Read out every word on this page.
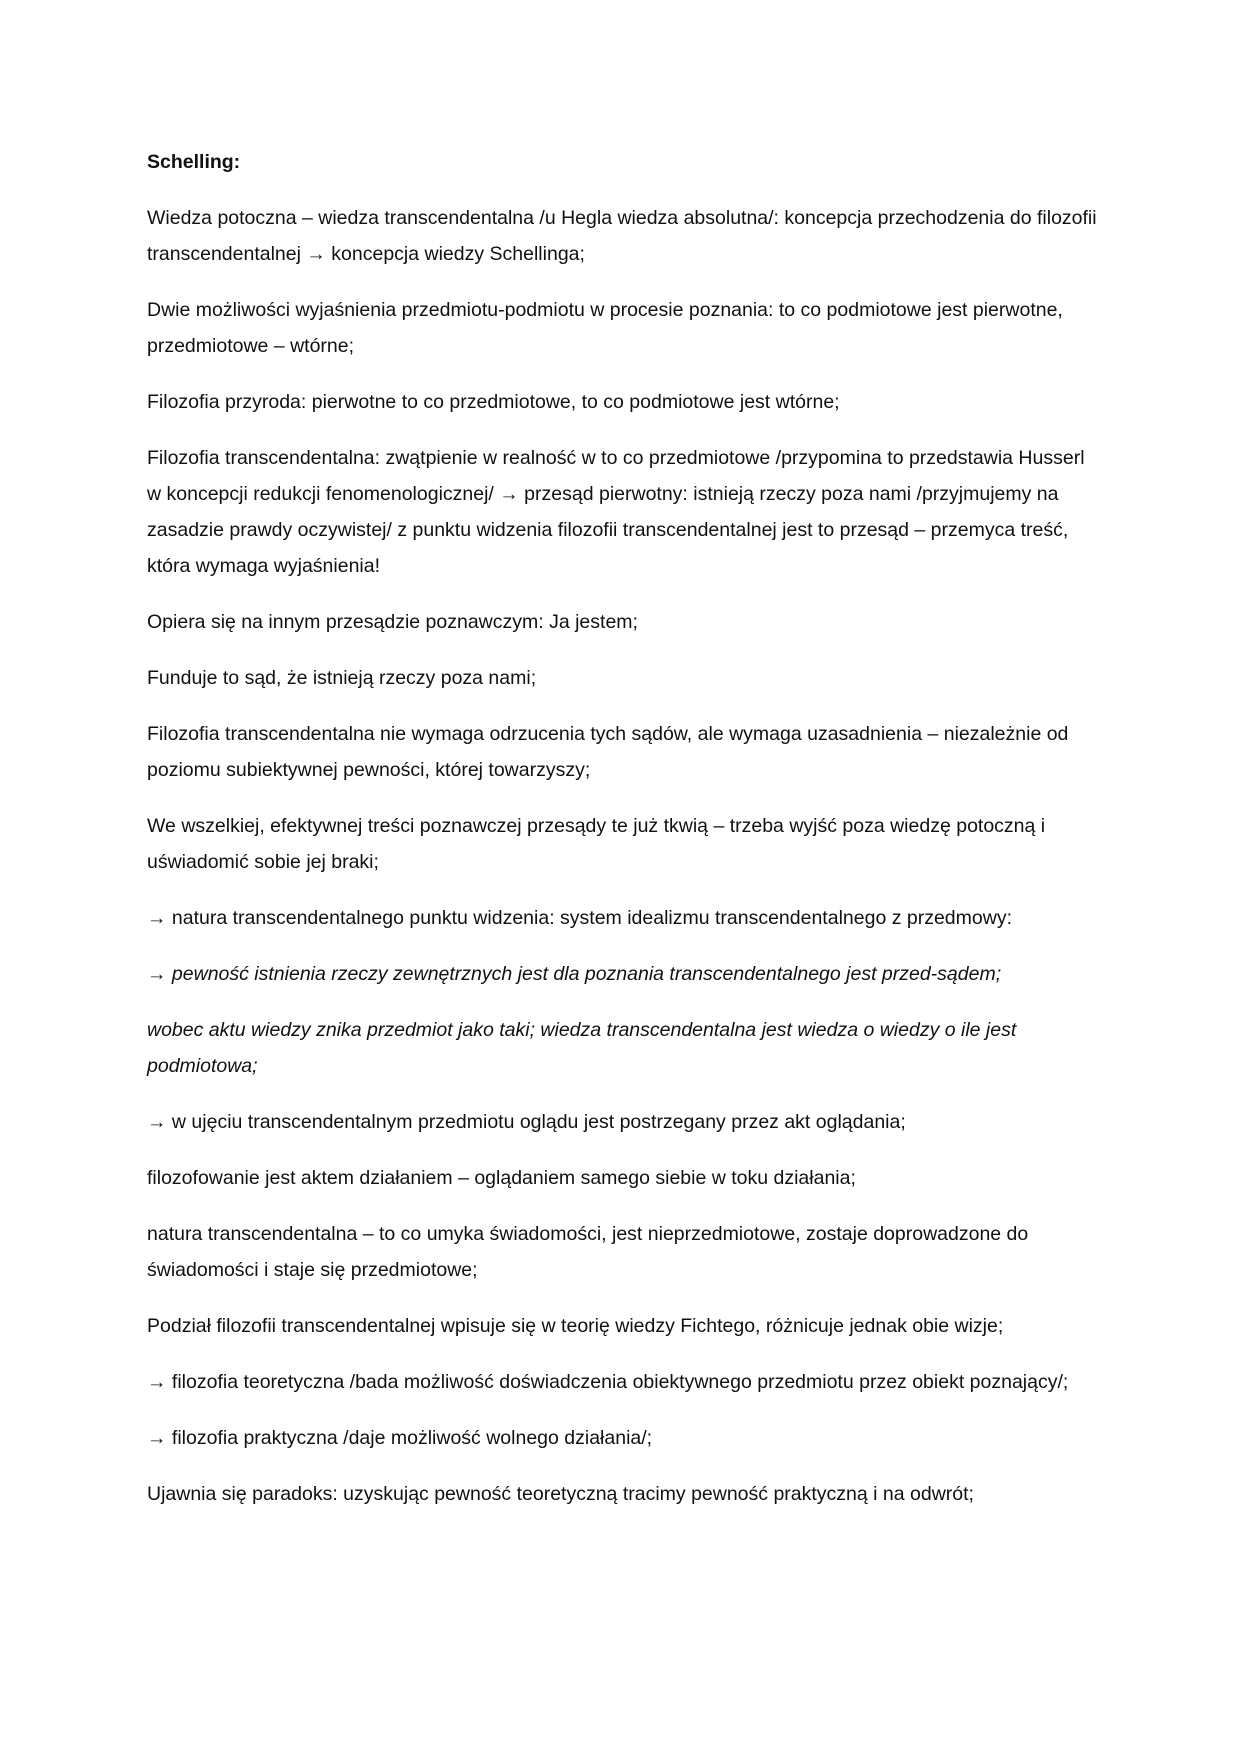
Schelling:
Wiedza potoczna – wiedza transcendentalna /u Hegla wiedza absolutna/: koncepcja przechodzenia do filozofii transcendentalnej → koncepcja wiedzy Schellinga;
Dwie możliwości wyjaśnienia przedmiotu-podmiotu w procesie poznania: to co podmiotowe jest pierwotne, przedmiotowe – wtórne;
Filozofia przyroda: pierwotne to co przedmiotowe, to co podmiotowe jest wtórne;
Filozofia transcendentalna: zwątpienie w realność w to co przedmiotowe /przypomina to przedstawia Husserl w koncepcji redukcji fenomenologicznej/ → przesąd pierwotny: istnieją rzeczy poza nami /przyjmujemy na zasadzie prawdy oczywistej/ z punktu widzenia filozofii transcendentalnej jest to przesąd – przemyca treść, która wymaga wyjaśnienia!
Opiera się na innym przesądzie poznawczym: Ja jestem;
Funduje to sąd, że istnieją rzeczy poza nami;
Filozofia transcendentalna nie wymaga odrzucenia tych sądów, ale wymaga uzasadnienia – niezależnie od poziomu subiektywnej pewności, której towarzyszy;
We wszelkiej, efektywnej treści poznawczej przesądy te już tkwią – trzeba wyjść poza wiedzę potoczną i uświadomić sobie jej braki;
→ natura transcendentalnego punktu widzenia: system idealizmu transcendentalnego z przedmowy:
→ pewność istnienia rzeczy zewnętrznych jest dla poznania transcendentalnego jest przed-sądem;
wobec aktu wiedzy znika przedmiot jako taki; wiedza transcendentalna jest wiedza o wiedzy o ile jest podmiotowa;
→ w ujęciu transcendentalnym przedmiotu oglądu jest postrzegany przez akt oglądania;
filozofowanie jest aktem działaniem – oglądaniem samego siebie w toku działania;
natura transcendentalna – to co umyka świadomości, jest nieprzedmiotowe, zostaje doprowadzone do świadomości i staje się przedmiotowe;
Podział filozofii transcendentalnej wpisuje się w teorię wiedzy Fichtego, różnicuje jednak obie wizje;
→ filozofia teoretyczna /bada możliwość doświadczenia obiektywnego przedmiotu przez obiekt poznający/;
→ filozofia praktyczna /daje możliwość wolnego działania/;
Ujawnia się paradoks: uzyskując pewność teoretyczną tracimy pewność praktyczną i na odwrót;
